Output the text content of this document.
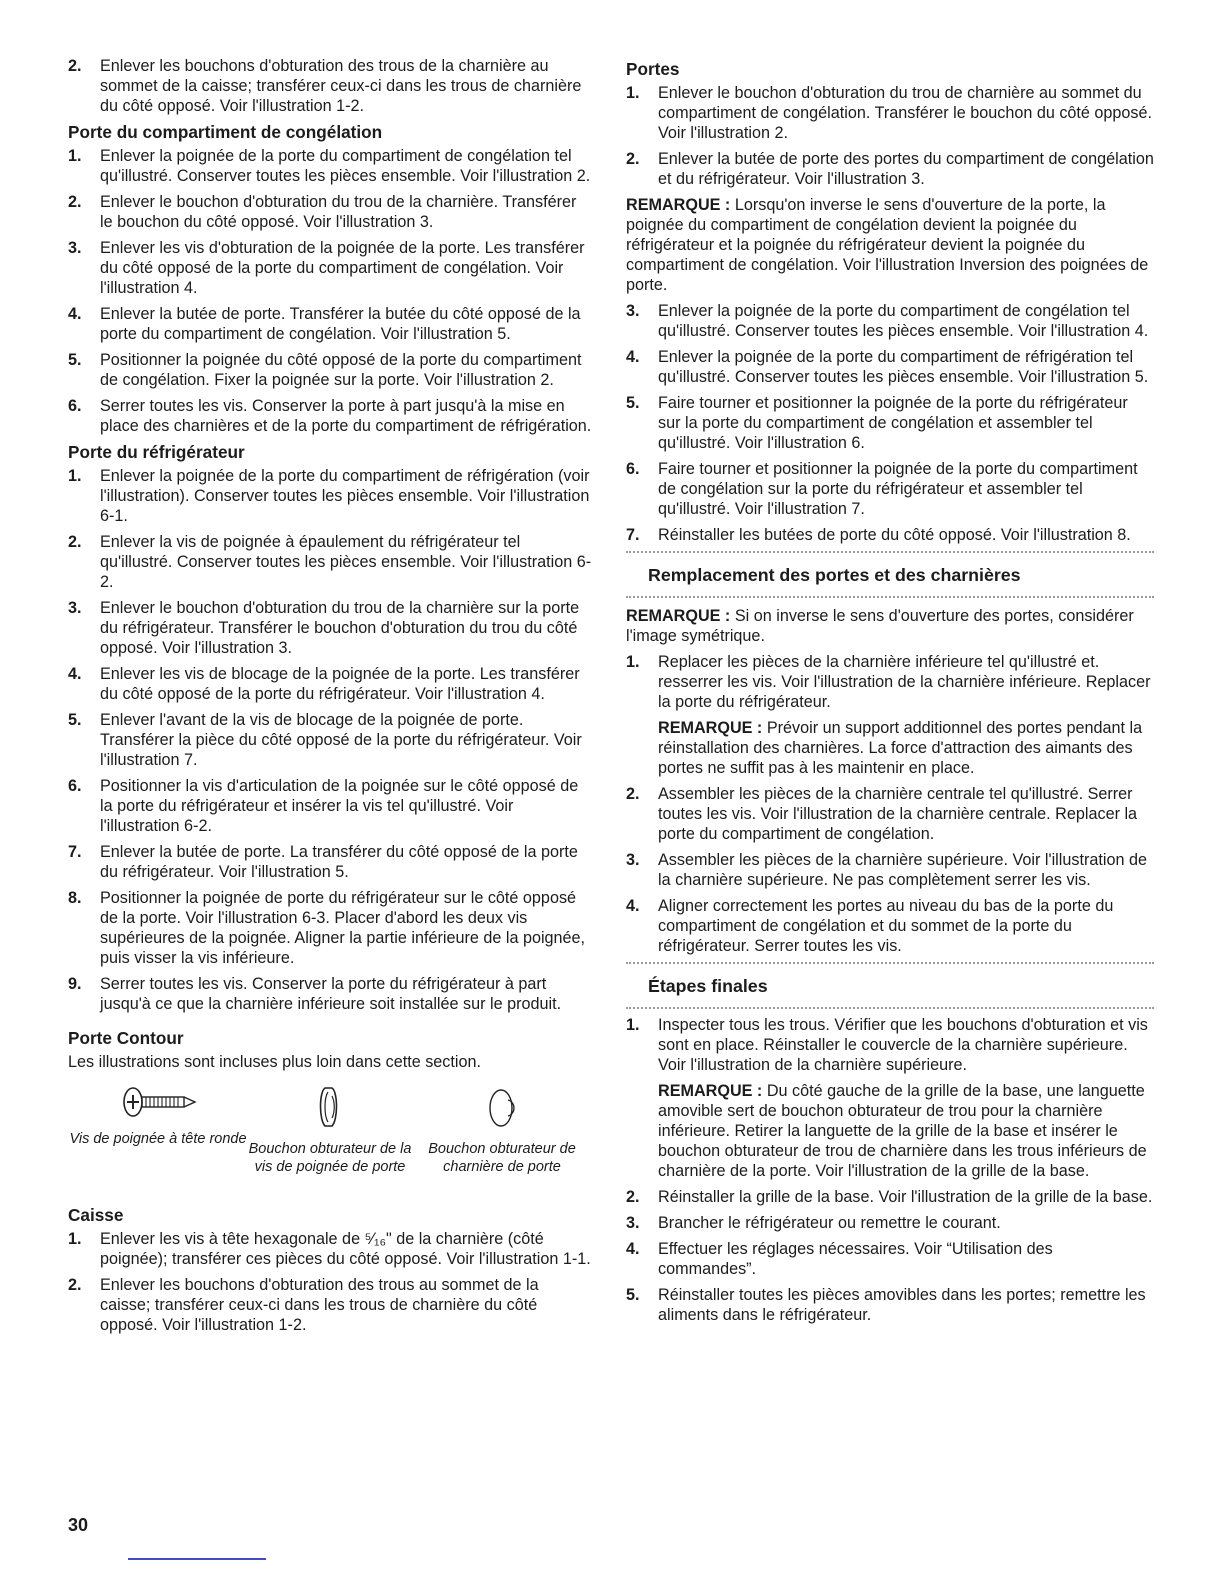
2. Enlever les bouchons d'obturation des trous de la charnière au sommet de la caisse; transférer ceux-ci dans les trous de charnière du côté opposé. Voir l'illustration 1-2.
Porte du compartiment de congélation
1. Enlever la poignée de la porte du compartiment de congélation tel qu'illustré. Conserver toutes les pièces ensemble. Voir l'illustration 2.
2. Enlever le bouchon d'obturation du trou de la charnière. Transférer le bouchon du côté opposé. Voir l'illustration 3.
3. Enlever les vis d'obturation de la poignée de la porte. Les transférer du côté opposé de la porte du compartiment de congélation. Voir l'illustration 4.
4. Enlever la butée de porte. Transférer la butée du côté opposé de la porte du compartiment de congélation. Voir l'illustration 5.
5. Positionner la poignée du côté opposé de la porte du compartiment de congélation. Fixer la poignée sur la porte. Voir l'illustration 2.
6. Serrer toutes les vis. Conserver la porte à part jusqu'à la mise en place des charnières et de la porte du compartiment de réfrigération.
Porte du réfrigérateur
1. Enlever la poignée de la porte du compartiment de réfrigération (voir l'illustration). Conserver toutes les pièces ensemble. Voir l'illustration 6-1.
2. Enlever la vis de poignée à épaulement du réfrigérateur tel qu'illustré. Conserver toutes les pièces ensemble. Voir l'illustration 6-2.
3. Enlever le bouchon d'obturation du trou de la charnière sur la porte du réfrigérateur. Transférer le bouchon d'obturation du trou du côté opposé. Voir l'illustration 3.
4. Enlever les vis de blocage de la poignée de la porte. Les transférer du côté opposé de la porte du réfrigérateur. Voir l'illustration 4.
5. Enlever l'avant de la vis de blocage de la poignée de porte. Transférer la pièce du côté opposé de la porte du réfrigérateur. Voir l'illustration 7.
6. Positionner la vis d'articulation de la poignée sur le côté opposé de la porte du réfrigérateur et insérer la vis tel qu'illustré. Voir l'illustration 6-2.
7. Enlever la butée de porte. La transférer du côté opposé de la porte du réfrigérateur. Voir l'illustration 5.
8. Positionner la poignée de porte du réfrigérateur sur le côté opposé de la porte. Voir l'illustration 6-3. Placer d'abord les deux vis supérieures de la poignée. Aligner la partie inférieure de la poignée, puis visser la vis inférieure.
9. Serrer toutes les vis. Conserver la porte du réfrigérateur à part jusqu'à ce que la charnière inférieure soit installée sur le produit.
Porte Contour

Les illustrations sont incluses plus loin dans cette section.

Vis de poignée à tête ronde
Bouchon obturateur de la vis de poignée de porte
Bouchon obturateur de charnière de porte
Caisse
1. Enlever les vis à tête hexagonale de ⁵⁄₁₆" de la charnière (côté poignée); transférer ces pièces du côté opposé. Voir l'illustration 1-1.
2. Enlever les bouchons d'obturation des trous au sommet de la caisse; transférer ceux-ci dans les trous de charnière du côté opposé. Voir l'illustration 1-2.
Portes
1. Enlever le bouchon d'obturation du trou de charnière au sommet du compartiment de congélation. Transférer le bouchon du côté opposé. Voir l'illustration 2.
2. Enlever la butée de porte des portes du compartiment de congélation et du réfrigérateur. Voir l'illustration 3.
REMARQUE : Lorsqu'on inverse le sens d'ouverture de la porte, la poignée du compartiment de congélation devient la poignée du réfrigérateur et la poignée du réfrigérateur devient la poignée du compartiment de congélation. Voir l'illustration Inversion des poignées de porte.
3. Enlever la poignée de la porte du compartiment de congélation tel qu'illustré. Conserver toutes les pièces ensemble. Voir l'illustration 4.
4. Enlever la poignée de la porte du compartiment de réfrigération tel qu'illustré. Conserver toutes les pièces ensemble. Voir l'illustration 5.
5. Faire tourner et positionner la poignée de la porte du réfrigérateur sur la porte du compartiment de congélation et assembler tel qu'illustré. Voir l'illustration 6.
6. Faire tourner et positionner la poignée de la porte du compartiment de congélation sur la porte du réfrigérateur et assembler tel qu'illustré. Voir l'illustration 7.
7. Réinstaller les butées de porte du côté opposé. Voir l'illustration 8.
Remplacement des portes et des charnières
REMARQUE : Si on inverse le sens d'ouverture des portes, considérer l'image symétrique.
1. Replacer les pièces de la charnière inférieure tel qu'illustré et. resserrer les vis. Voir l'illustration de la charnière inférieure. Replacer la porte du réfrigérateur.
REMARQUE : Prévoir un support additionnel des portes pendant la réinstallation des charnières. La force d'attraction des aimants des portes ne suffit pas à les maintenir en place.
2. Assembler les pièces de la charnière centrale tel qu'illustré. Serrer toutes les vis. Voir l'illustration de la charnière centrale. Replacer la porte du compartiment de congélation.
3. Assembler les pièces de la charnière supérieure. Voir l'illustration de la charnière supérieure. Ne pas complètement serrer les vis.
4. Aligner correctement les portes au niveau du bas de la porte du compartiment de congélation et du sommet de la porte du réfrigérateur. Serrer toutes les vis.
Étapes finales
1. Inspecter tous les trous. Vérifier que les bouchons d'obturation et vis sont en place. Réinstaller le couvercle de la charnière supérieure. Voir l'illustration de la charnière supérieure.
REMARQUE : Du côté gauche de la grille de la base, une languette amovible sert de bouchon obturateur de trou pour la charnière inférieure. Retirer la languette de la grille de la base et insérer le bouchon obturateur de trou de charnière dans les trous inférieurs de charnière de la porte. Voir l'illustration de la grille de la base.
2. Réinstaller la grille de la base. Voir l'illustration de la grille de la base.
3. Brancher le réfrigérateur ou remettre le courant.
4. Effectuer les réglages nécessaires. Voir “Utilisation des commandes”.
5. Réinstaller toutes les pièces amovibles dans les portes; remettre les aliments dans le réfrigérateur.
30
